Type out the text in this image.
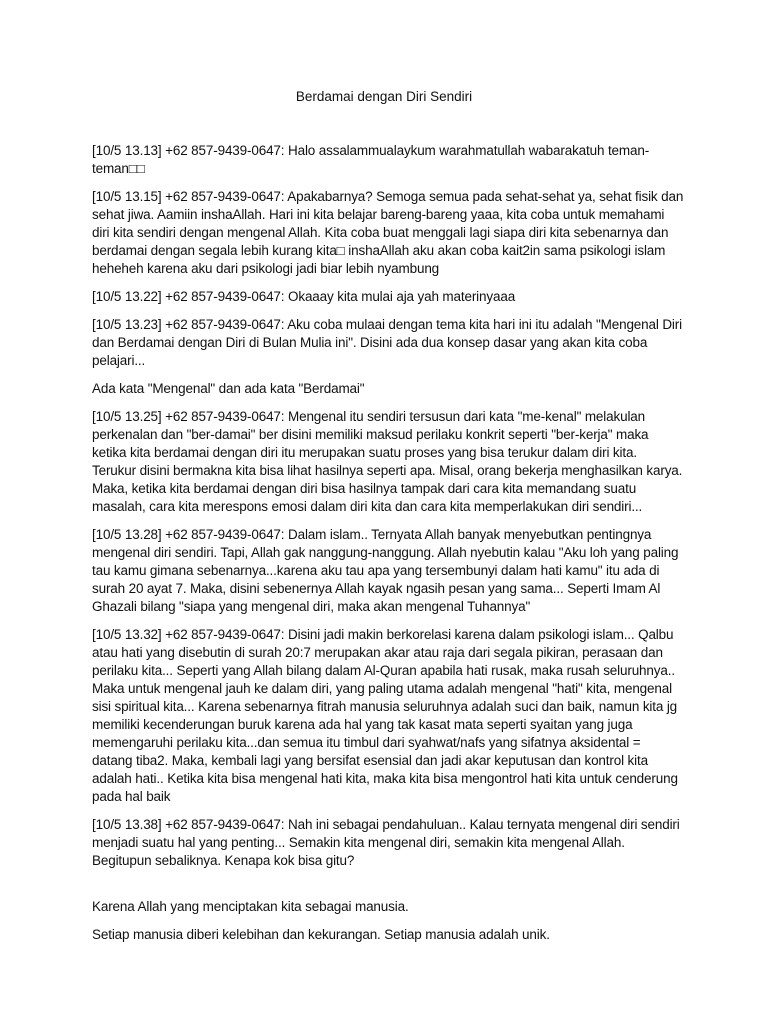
Berdamai dengan Diri Sendiri

[10/5 13.13] +62 857-9439-0647: Halo assalammualaykum warahmatullah wabarakatuh teman-teman□□

[10/5 13.15] +62 857-9439-0647: Apakabarnya? Semoga semua pada sehat-sehat ya, sehat fisik dan sehat jiwa. Aamiin inshaAllah. Hari ini kita belajar bareng-bareng yaaa, kita coba untuk memahami diri kita sendiri dengan mengenal Allah. Kita coba buat menggali lagi siapa diri kita sebenarnya dan berdamai dengan segala lebih kurang kita□ inshaAllah aku akan coba kait2in sama psikologi islam heheheh karena aku dari psikologi jadi biar lebih nyambung

[10/5 13.22] +62 857-9439-0647: Okaaay kita mulai aja yah materinyaaa

[10/5 13.23] +62 857-9439-0647: Aku coba mulaai dengan tema kita hari ini itu adalah "Mengenal Diri dan Berdamai dengan Diri di Bulan Mulia ini". Disini ada dua konsep dasar yang akan kita coba pelajari...

Ada kata "Mengenal" dan ada kata "Berdamai"

[10/5 13.25] +62 857-9439-0647: Mengenal itu sendiri tersusun dari kata "me-kenal" melakulan perkenalan dan "ber-damai" ber disini memiliki maksud perilaku konkrit seperti "ber-kerja" maka ketika kita berdamai dengan diri itu merupakan suatu proses yang bisa terukur dalam diri kita. Terukur disini bermakna kita bisa lihat hasilnya seperti apa. Misal, orang bekerja menghasilkan karya. Maka, ketika kita berdamai dengan diri bisa hasilnya tampak dari cara kita memandang suatu masalah, cara kita merespons emosi dalam diri kita dan cara kita memperlakukan diri sendiri...

[10/5 13.28] +62 857-9439-0647: Dalam islam.. Ternyata Allah banyak menyebutkan pentingnya mengenal diri sendiri. Tapi, Allah gak nanggung-nanggung. Allah nyebutin kalau "Aku loh yang paling tau kamu gimana sebenarnya...karena aku tau apa yang tersembunyi dalam hati kamu" itu ada di surah 20 ayat 7. Maka, disini sebenernya Allah kayak ngasih pesan yang sama... Seperti Imam Al Ghazali bilang "siapa yang mengenal diri, maka akan mengenal Tuhannya"

[10/5 13.32] +62 857-9439-0647: Disini jadi makin berkorelasi karena dalam psikologi islam... Qalbu atau hati yang disebutin di surah 20:7 merupakan akar atau raja dari segala pikiran, perasaan dan perilaku kita... Seperti yang Allah bilang dalam Al-Quran apabila hati rusak, maka rusah seluruhnya.. Maka untuk mengenal jauh ke dalam diri, yang paling utama adalah mengenal "hati" kita, mengenal sisi spiritual kita... Karena sebenarnya fitrah manusia seluruhnya adalah suci dan baik, namun kita jg memiliki kecenderungan buruk karena ada hal yang tak kasat mata seperti syaitan yang juga memengaruhi perilaku kita...dan semua itu timbul dari syahwat/nafs yang sifatnya aksidental = datang tiba2. Maka, kembali lagi yang bersifat esensial dan jadi akar keputusan dan kontrol kita adalah hati.. Ketika kita bisa mengenal hati kita, maka kita bisa mengontrol hati kita untuk cenderung pada hal baik

[10/5 13.38] +62 857-9439-0647: Nah ini sebagai pendahuluan.. Kalau ternyata mengenal diri sendiri menjadi suatu hal yang penting... Semakin kita mengenal diri, semakin kita mengenal Allah. Begitupun sebaliknya. Kenapa kok bisa gitu?

Karena Allah yang menciptakan kita sebagai manusia.

Setiap manusia diberi kelebihan dan kekurangan. Setiap manusia adalah unik.
